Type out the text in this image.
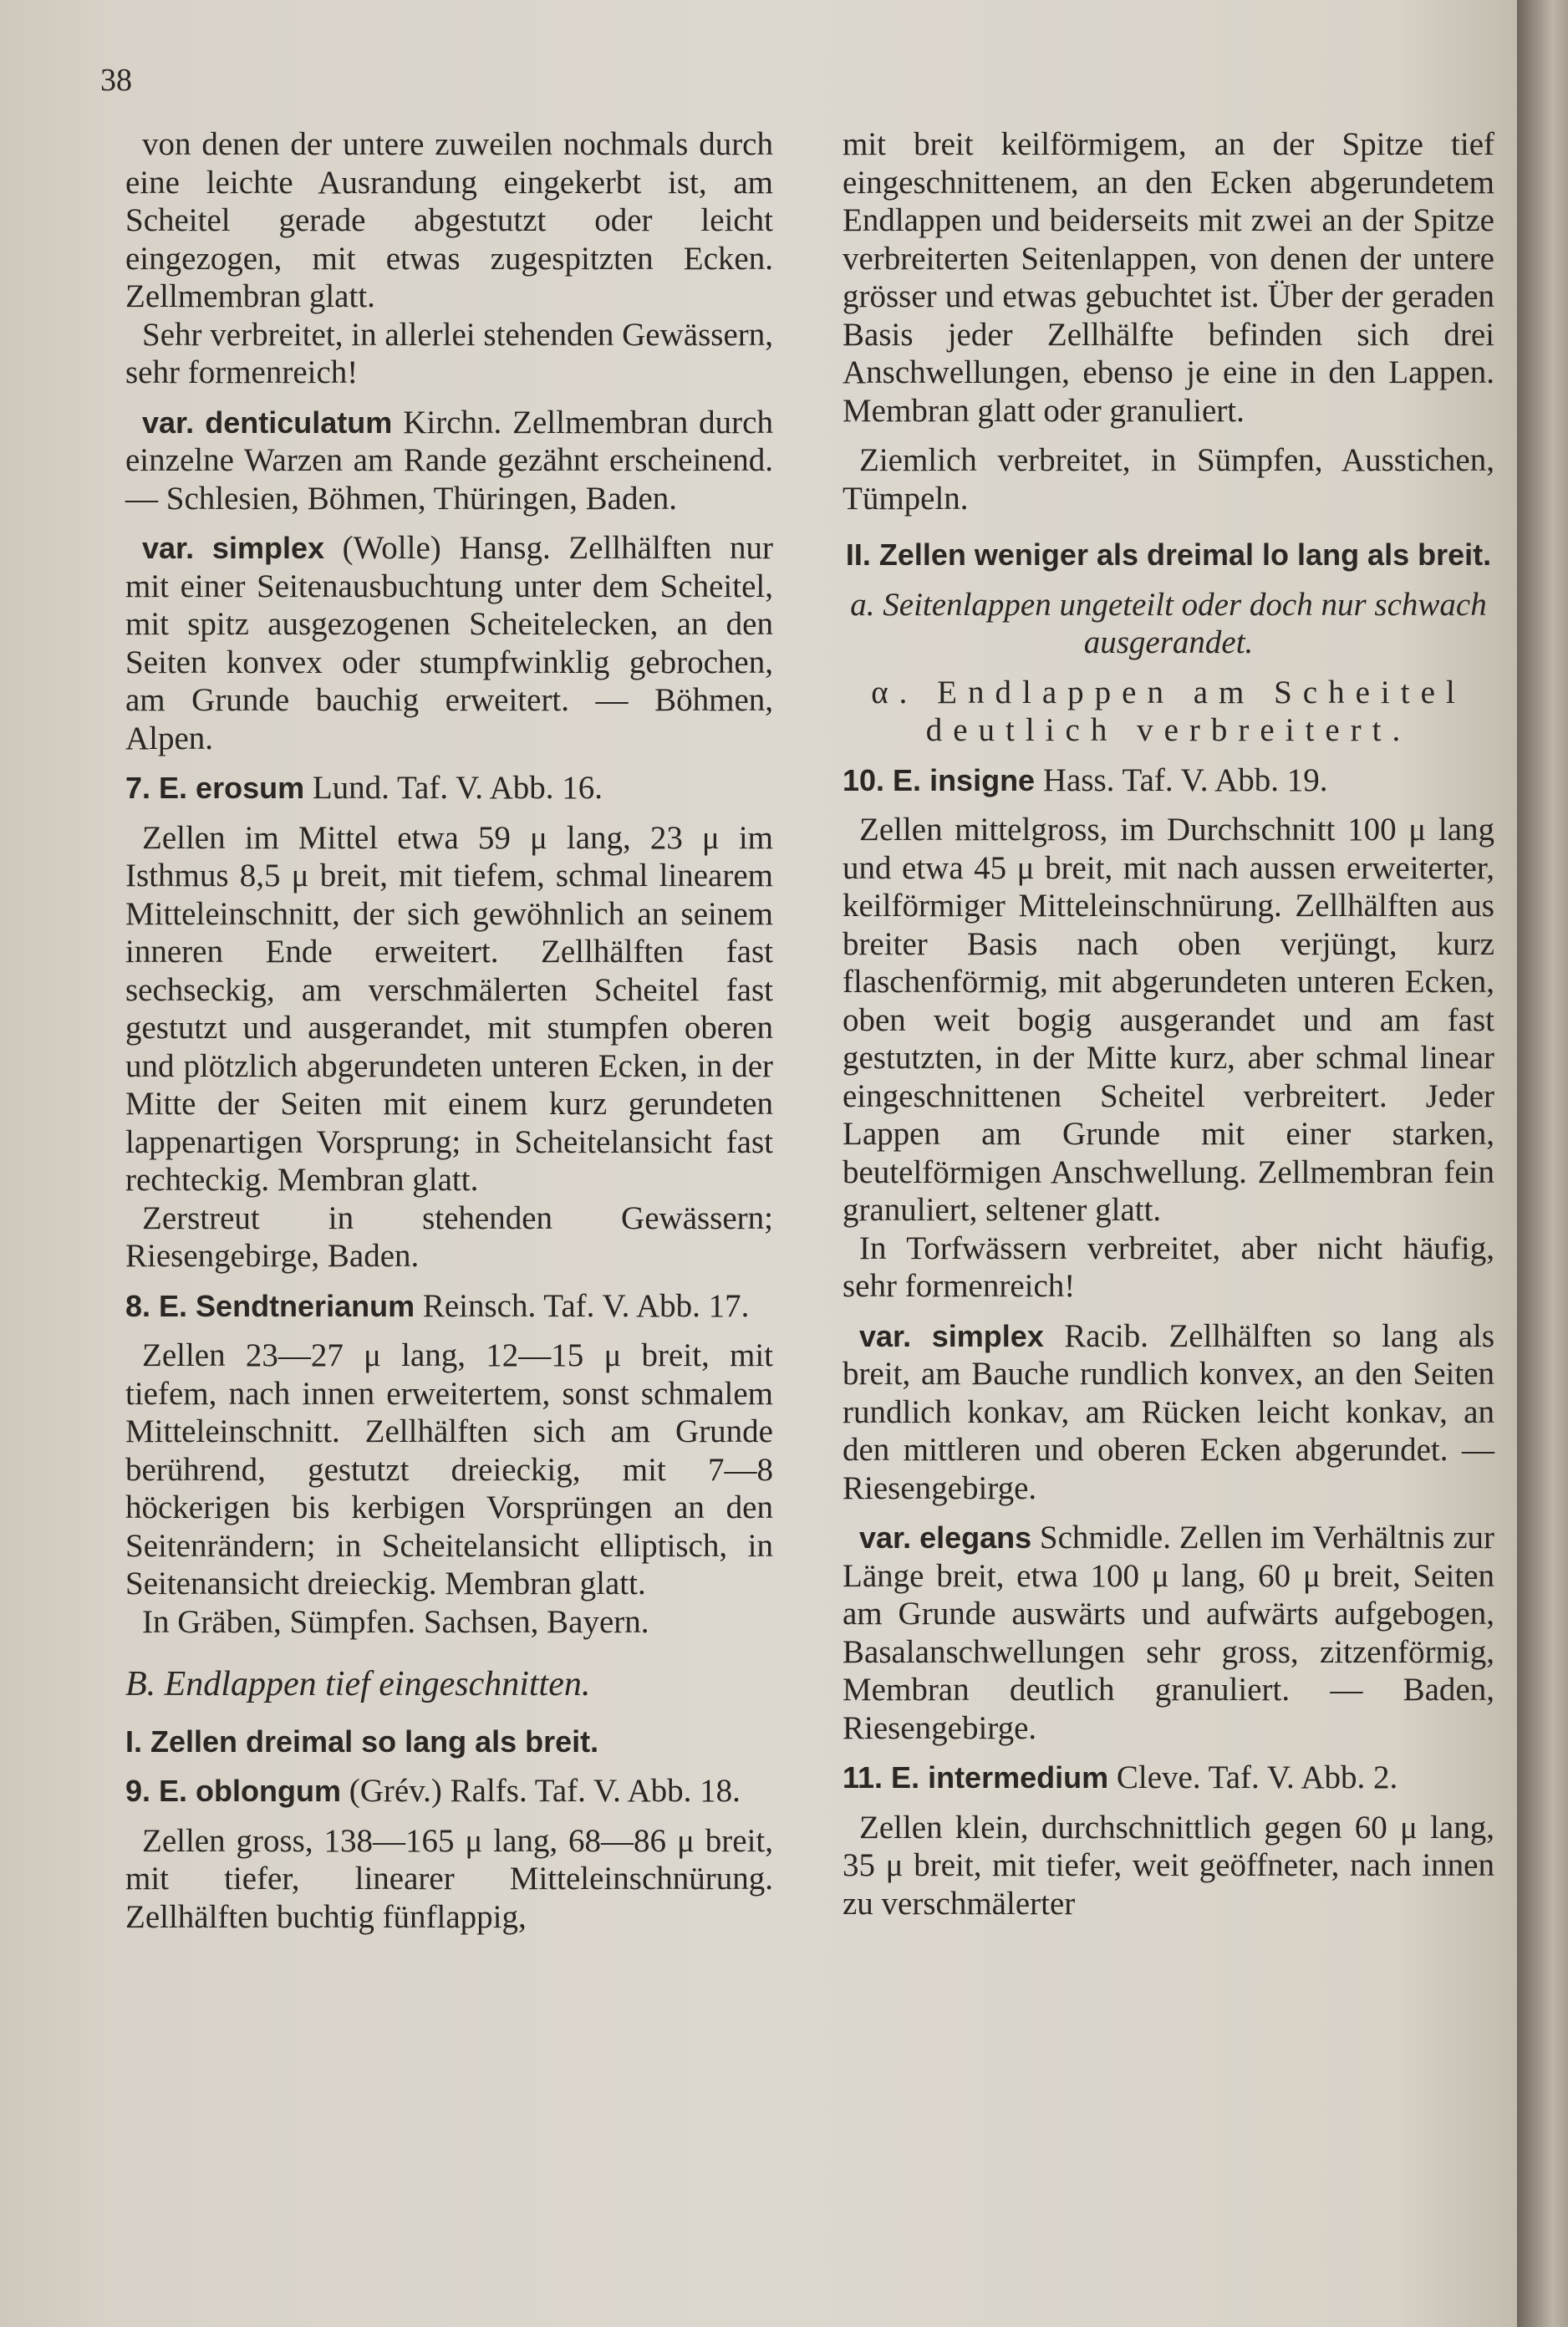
38

von denen der untere zuweilen nochmals durch eine leichte Ausrandung eingekerbt ist, am Scheitel gerade abgestutzt oder leicht eingezogen, mit etwas zugespitzten Ecken. Zellmembran glatt.

Sehr verbreitet, in allerlei stehenden Gewässern, sehr formenreich!

var. denticulatum Kirchn. Zellmembran durch einzelne Warzen am Rande gezähnt erscheinend. — Schlesien, Böhmen, Thüringen, Baden.

var. simplex (Wolle) Hansg. Zellhälften nur mit einer Seitenausbuchtung unter dem Scheitel, mit spitz ausgezogenen Scheitelecken, an den Seiten konvex oder stumpfwinklig gebrochen, am Grunde bauchig erweitert. — Böhmen, Alpen.

7. E. erosum Lund. Taf. V. Abb. 16.

Zellen im Mittel etwa 59 μ lang, 23 μ im Isthmus 8,5 μ breit, mit tiefem, schmal linearem Mitteleinschnitt, der sich gewöhnlich an seinem inneren Ende erweitert. Zellhälften fast sechseckig, am verschmälerten Scheitel fast gestutzt und ausgerandet, mit stumpfen oberen und plötzlich abgerundeten unteren Ecken, in der Mitte der Seiten mit einem kurz gerundeten lappenartigen Vorsprung; in Scheitelansicht fast rechteckig. Membran glatt.

Zerstreut in stehenden Gewässern; Riesengebirge, Baden.

8. E. Sendtnerianum Reinsch. Taf. V. Abb. 17.

Zellen 23—27 μ lang, 12—15 μ breit, mit tiefem, nach innen erweitertem, sonst schmalem Mitteleinschnitt. Zellhälften sich am Grunde berührend, gestutzt dreieckig, mit 7—8 höckerigen bis kerbigen Vorsprüngen an den Seitenrändern; in Scheitelansicht elliptisch, in Seitenansicht dreieckig. Membran glatt.

In Gräben, Sümpfen. Sachsen, Bayern.

B. Endlappen tief eingeschnitten.

I. Zellen dreimal so lang als breit.

9. E. oblongum (Grév.) Ralfs. Taf. V. Abb. 18.

Zellen gross, 138—165 μ lang, 68—86 μ breit, mit tiefer, linearer Mitteleinschnürung. Zellhälften buchtig fünflappig,

mit breit keilförmigem, an der Spitze tief eingeschnittenem, an den Ecken abgerundetem Endlappen und beiderseits mit zwei an der Spitze verbreiterten Seitenlappen, von denen der untere grösser und etwas gebuchtet ist. Über der geraden Basis jeder Zellhälfte befinden sich drei Anschwellungen, ebenso je eine in den Lappen. Membran glatt oder granuliert.

Ziemlich verbreitet, in Sümpfen, Ausstichen, Tümpeln.

II. Zellen weniger als dreimal lo lang als breit.

a. Seitenlappen ungeteilt oder doch nur schwach ausgerandet.

α. Endlappen am Scheitel deutlich verbreitert.

10. E. insigne Hass. Taf. V. Abb. 19.

Zellen mittelgross, im Durchschnitt 100 μ lang und etwa 45 μ breit, mit nach aussen erweiterter, keilförmiger Mitteleinschnürung. Zellhälften aus breiter Basis nach oben verjüngt, kurz flaschenförmig, mit abgerundeten unteren Ecken, oben weit bogig ausgerandet und am fast gestutzten, in der Mitte kurz, aber schmal linear eingeschnittenen Scheitel verbreitert. Jeder Lappen am Grunde mit einer starken, beutelförmigen Anschwellung. Zellmembran fein granuliert, seltener glatt.

In Torfwässern verbreitet, aber nicht häufig, sehr formenreich!

var. simplex Racib. Zellhälften so lang als breit, am Bauche rundlich konvex, an den Seiten rundlich konkav, am Rücken leicht konkav, an den mittleren und oberen Ecken abgerundet. — Riesengebirge.

var. elegans Schmidle. Zellen im Verhältnis zur Länge breit, etwa 100 μ lang, 60 μ breit, Seiten am Grunde auswärts und aufwärts aufgebogen, Basalanschwellungen sehr gross, zitzenförmig, Membran deutlich granuliert. — Baden, Riesengebirge.

11. E. intermedium Cleve. Taf. V. Abb. 2.

Zellen klein, durchschnittlich gegen 60 μ lang, 35 μ breit, mit tiefer, weit geöffneter, nach innen zu verschmälerter
